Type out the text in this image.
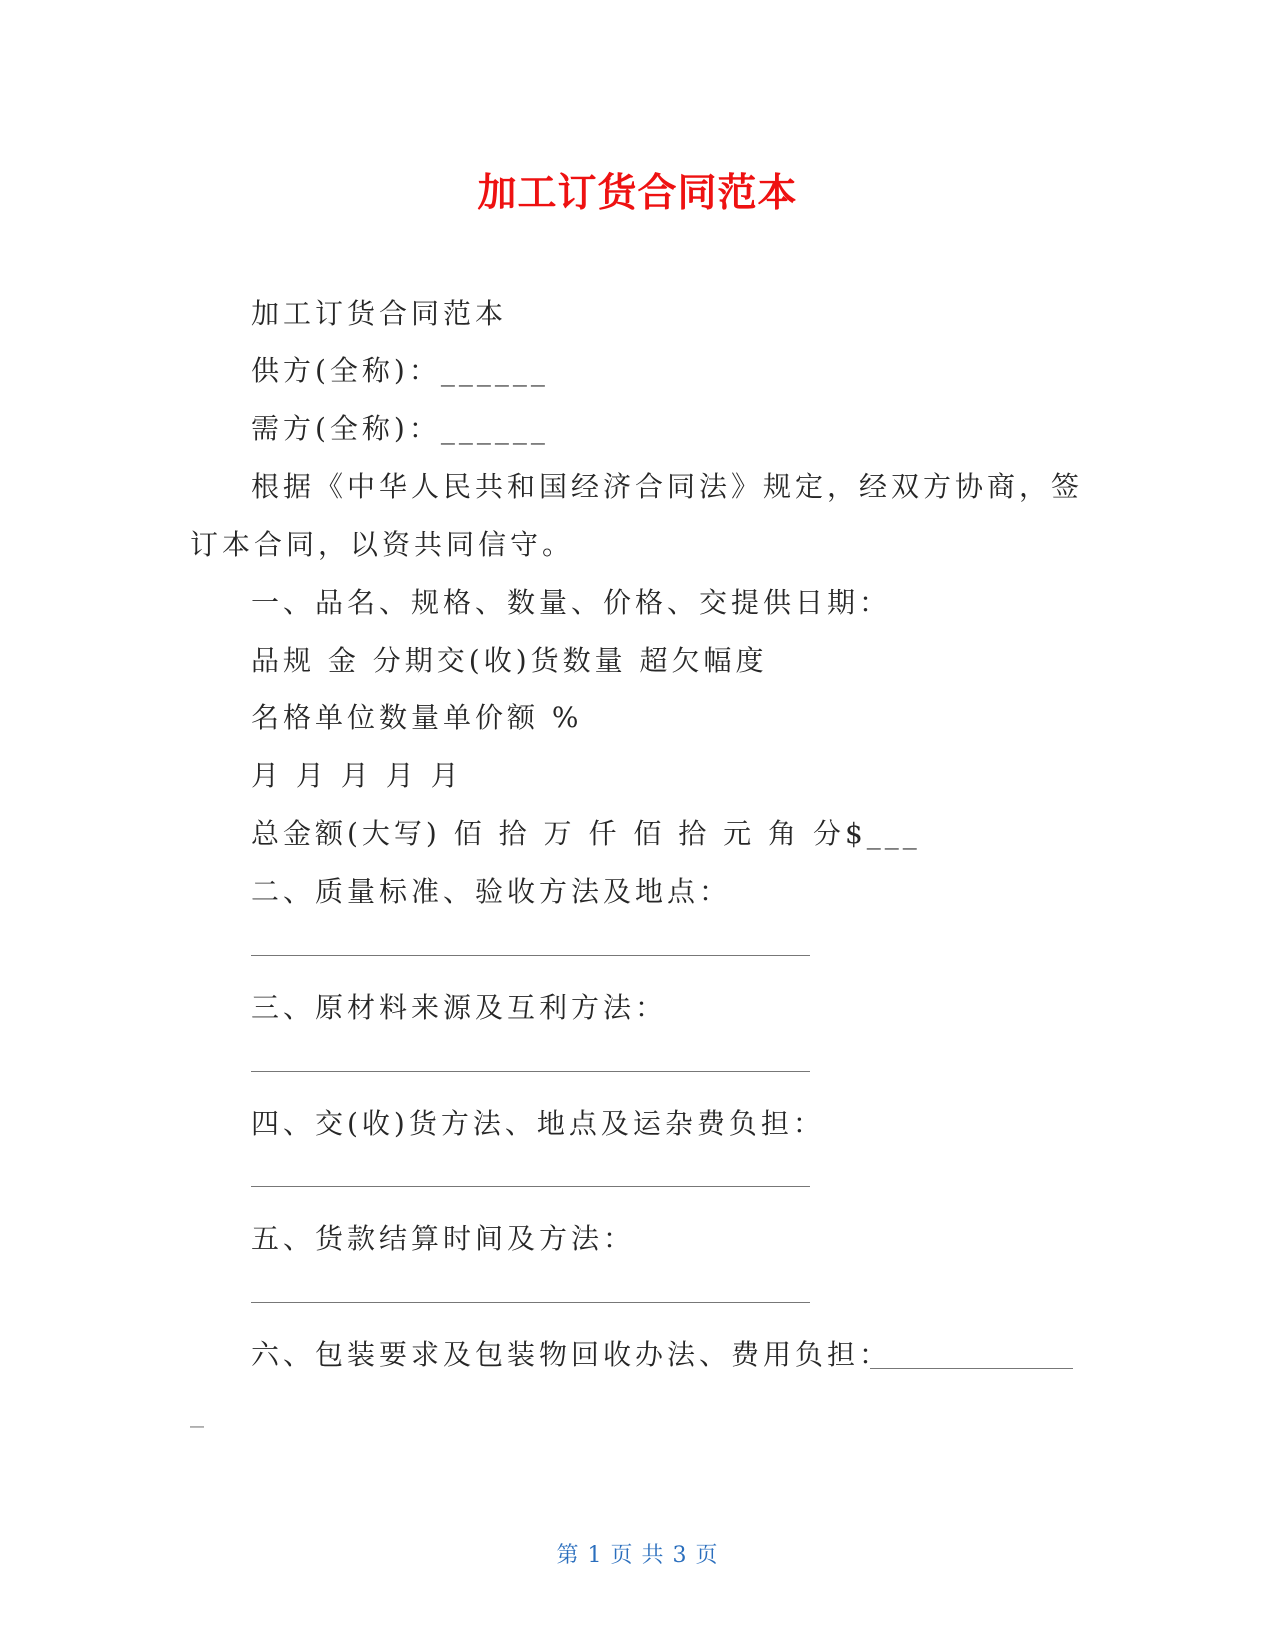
加工订货合同范本
加工订货合同范本
供方(全称)：______
需方(全称)：______
根据《中华人民共和国经济合同法》规定，经双方协商，签
订本合同，以资共同信守。
一、品名、规格、数量、价格、交提供日期：
品规 金 分期交(收)货数量 超欠幅度
名格单位数量单价额 %
月 月 月 月 月
总金额(大写) 佰 拾 万 仟 佰 拾 元 角 分$___
二、质量标准、验收方法及地点：
三、原材料来源及互利方法：
四、交(收)货方法、地点及运杂费负担：
五、货款结算时间及方法：
六、包装要求及包装物回收办法、费用负担：
_
第 1 页 共 3 页
